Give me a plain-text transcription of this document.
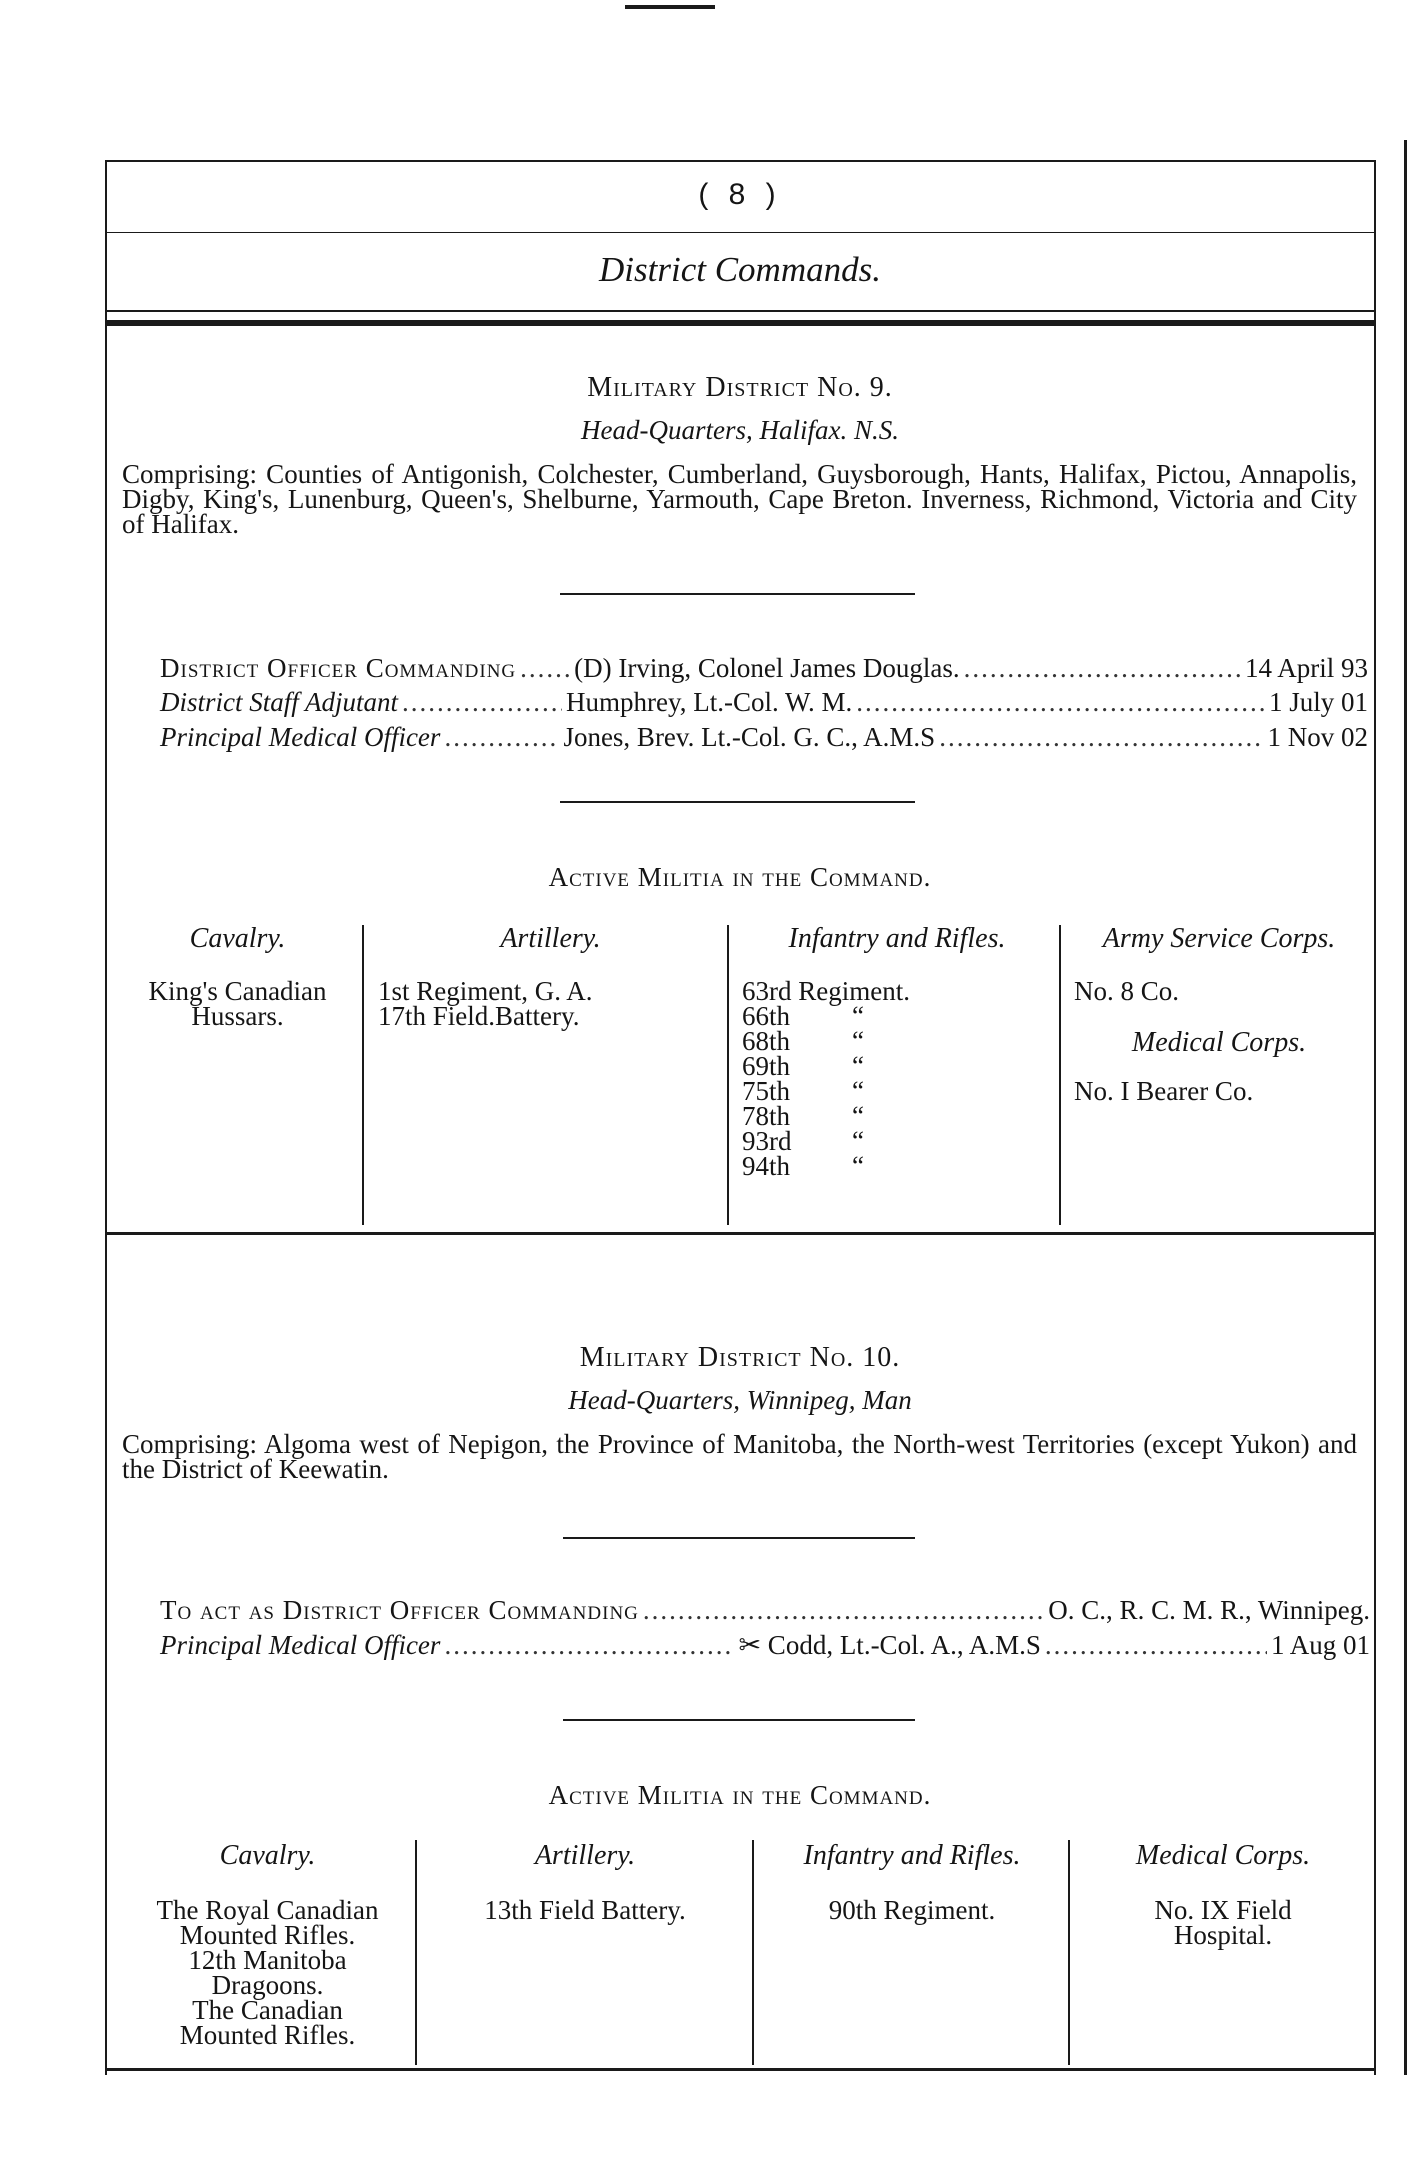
( 8 )
District Commands.
Military District No. 9.
Head-Quarters, Halifax. N.S.
Comprising: Counties of Antigonish, Colchester, Cumberland, Guysborough, Hants, Halifax, Pictou, Annapolis, Digby, King's, Lunenburg, Queen's, Shelburne, Yarmouth, Cape Breton. Inverness, Richmond, Victoria and City of Halifax.
District Officer Commanding ..... (D) Irving, Colonel James Douglas. .....	14 April 93
District Staff Adjutant .....	Humphrey, Lt.-Col. W. M. .....	1 July 01
Principal Medical Officer .....	Jones, Brev. Lt.-Col. G. C., A.M.S .....	1 Nov 02
Active Militia in the Command.
Cavalry.
King's Canadian Hussars.
Artillery.
1st Regiment, G. A.
17th Field.Battery.
Infantry and Rifles.
63rd Regiment.
66th	“
68th	“
69th	“
75th	“
78th	“
93rd	“
94th	“
Army Service Corps.
No. 8 Co.
Medical Corps.
No. I Bearer Co.
Military District No. 10.
Head-Quarters, Winnipeg, Man
Comprising: Algoma west of Nepigon, the Province of Manitoba, the North-west Territories (except Yukon) and the District of Keewatin.
To act as District Officer Commanding .....	O. C., R. C. M. R., Winnipeg.
Principal Medical Officer .....	✂ Codd, Lt.-Col. A., A.M.S .....	1 Aug 01
Active Militia in the Command.
Cavalry.
The Royal Canadian Mounted Rifles.
12th Manitoba Dragoons.
The Canadian Mounted Rifles.
Artillery.
13th Field Battery.
Infantry and Rifles.
90th Regiment.
Medical Corps.
No. IX Field Hospital.
